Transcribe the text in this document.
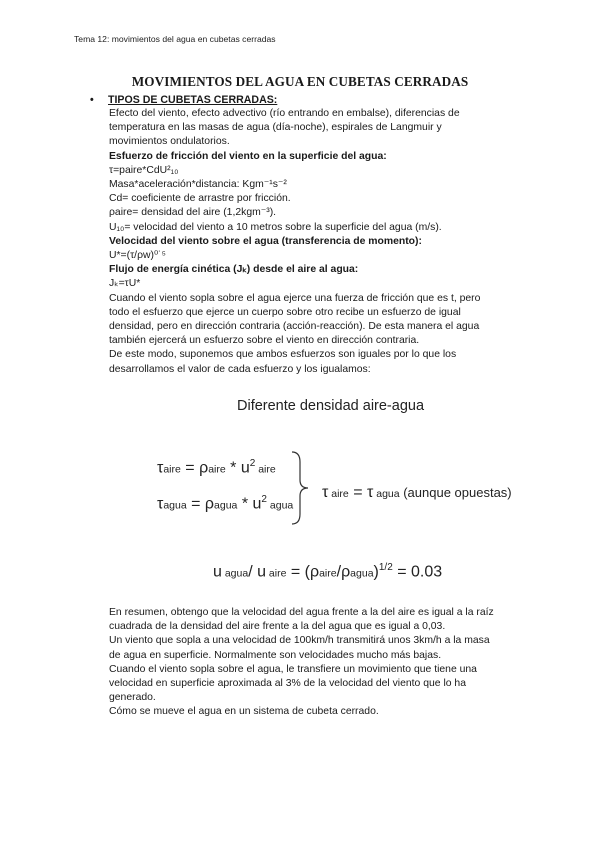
Tema 12: movimientos del agua en cubetas cerradas
MOVIMIENTOS DEL AGUA EN CUBETAS CERRADAS
• TIPOS DE CUBETAS CERRADAS:

Efecto del viento, efecto advectivo (río entrando en embalse), diferencias de

temperatura en las masas de agua (día-noche), espirales de Langmuir y

movimientos ondulatorios.

Esfuerzo de fricción del viento en la superficie del agua:

τ=paire*CdU²₁₀

Masa*aceleración*distancia: Kgm⁻¹s⁻²

Cd= coeficiente de arrastre por fricción.

ρaire= densidad del aire (1,2kgm⁻³).

U₁₀= velocidad del viento a 10 metros sobre la superficie del agua (m/s).

Velocidad del viento sobre el agua (transferencia de momento):

U*=(τ/ρw)⁰˙⁵

Flujo de energía cinética (Jₖ) desde el aire al agua:

Jₖ=τU*

Cuando el viento sopla sobre el agua ejerce una fuerza de fricción que es t, pero

todo el esfuerzo que ejerce un cuerpo sobre otro recibe un esfuerzo de igual

densidad, pero en dirección contraria (acción-reacción). De esta manera el agua

también ejercerá un esfuerzo sobre el viento en dirección contraria.

De este modo, suponemos que ambos esfuerzos son iguales por lo que los

desarrollamos el valor de cada esfuerzo y los igualamos:

Diferente densidad aire-agua
τaire = ρaire * $u^2$ aire
τagua = ρagua * $u^2$ agua
τ aire = τ agua (aunque opuestas)
u agua/ u aire = (ρaire/ρagua)$^{1/2}$ = 0.03

En resumen, obtengo que la velocidad del agua frente a la del aire es igual a la raíz

cuadrada de la densidad del aire frente a la del agua que es igual a 0,03.

Un viento que sopla a una velocidad de 100km/h transmitirá unos 3km/h a la masa

de agua en superficie. Normalmente son velocidades mucho más bajas.

Cuando el viento sopla sobre el agua, le transfiere un movimiento que tiene una

velocidad en superficie aproximada al 3% de la velocidad del viento que lo ha

generado.

Cómo se mueve el agua en un sistema de cubeta cerrado.
